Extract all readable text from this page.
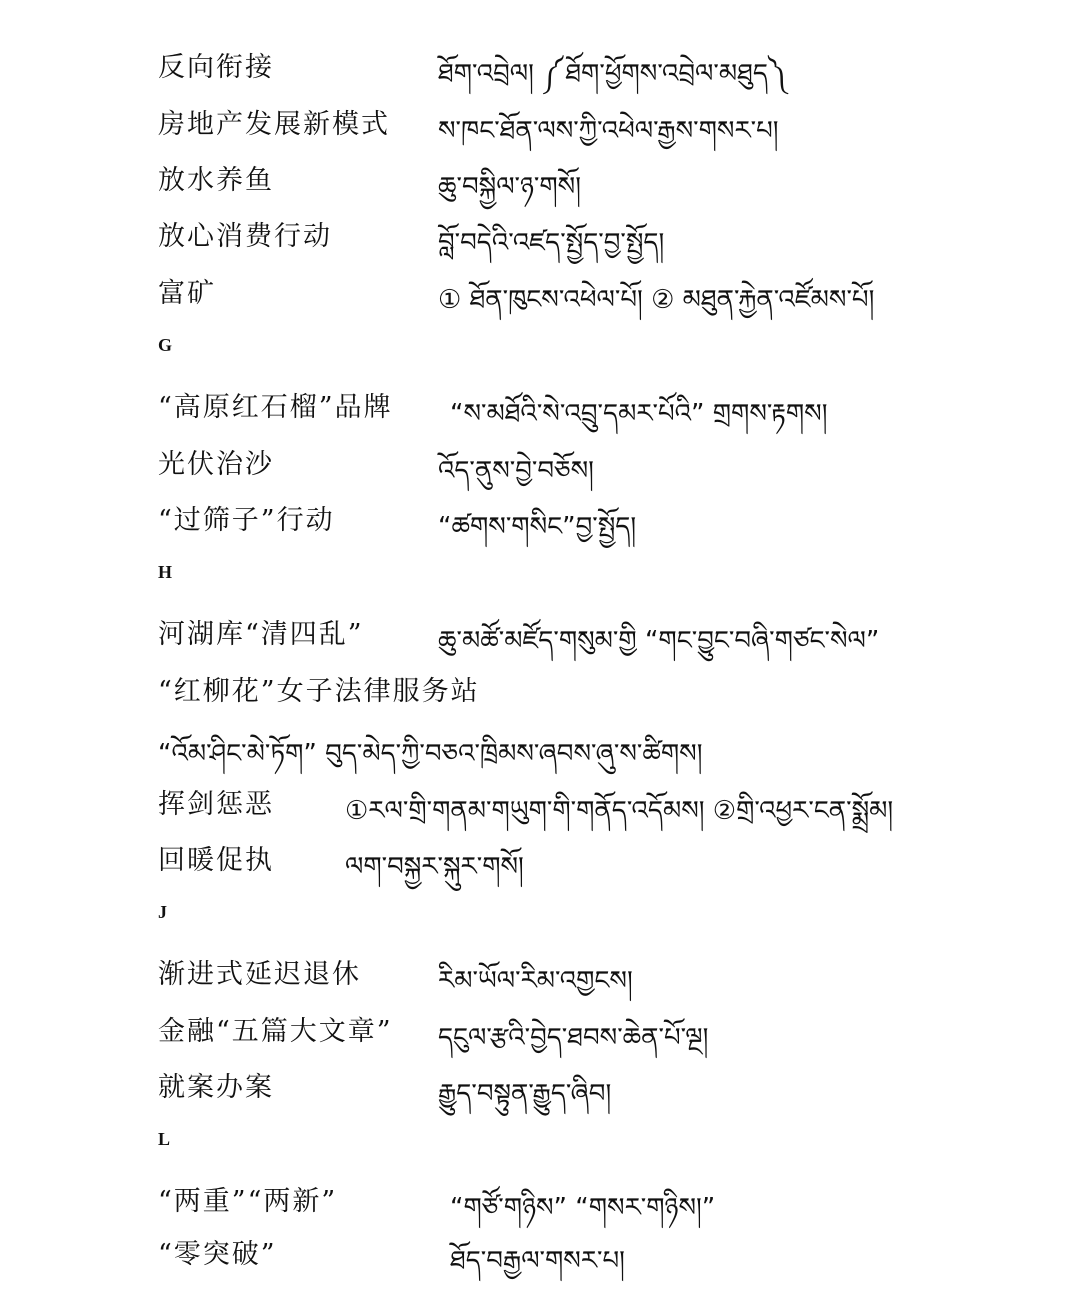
反向衔接	ཐོག་འབྲེལ། ༼ཐོག་ཕྱོགས་འབྲེལ་མཐུད༽
房地产发展新模式 ས་ཁང་ཐོན་ལས་ཀྱི་འཕེལ་རྒྱས་གསར་པ།
放水养鱼	ཆུ་བསྐྱིལ་ཉ་གསོ།
放心消费行动	བློ་བདེའི་འཛད་སྤྱོད་བྱ་སྤྱོད།
富矿	① ཐོན་ཁུངས་འཕེལ་པོ། ② མཐུན་རྐྱེན་འཛོམས་པོ།
G
“高原红石榴”品牌 “ས་མཐོའི་སེ་འབྲུ་དམར་པོའི” གྲགས་རྟགས།
光伏治沙	འོད་ནུས་བྱེ་བཅོས།
“过筛子”行动	“ཚགས་གསིང”བྱ་སྤྱོད།
H
河湖库“清四乱”	ཆུ་མཚོ་མཛོད་གསུམ་གྱི “གང་བྱུང་བཞི་གཙང་སེལ”
“红柳花”女子法律服务站
“འོམ་ཤིང་མེ་ཏོག” བུད་མེད་ཀྱི་བཅའ་ཁྲིམས་ཞབས་ཞུ་ས་ཚིགས།
挥剑惩恶	①རལ་གྲི་གནམ་གཡུག་གི་གནོད་འདོམས། ②གྲི་འཕྱར་ངན་སྨྲོམ།
回暖促执	ལག་བསྐྱར་སྐུར་གསོ།
J
渐进式延迟退休	རིམ་ཡོལ་རིམ་འགྱངས།
金融“五篇大文章” དངུལ་རྩའི་བྱེད་ཐབས་ཆེན་པོ་ལྔ།
就案办案	རྒྱུད་བསྟུན་རྒྱུད་ཞིབ།
L
“两重”“两新”	“གཙོ་གཉིས” “གསར་གཉིས།”
“零突破”	ཐོད་བརྒྱལ་གསར་པ།
